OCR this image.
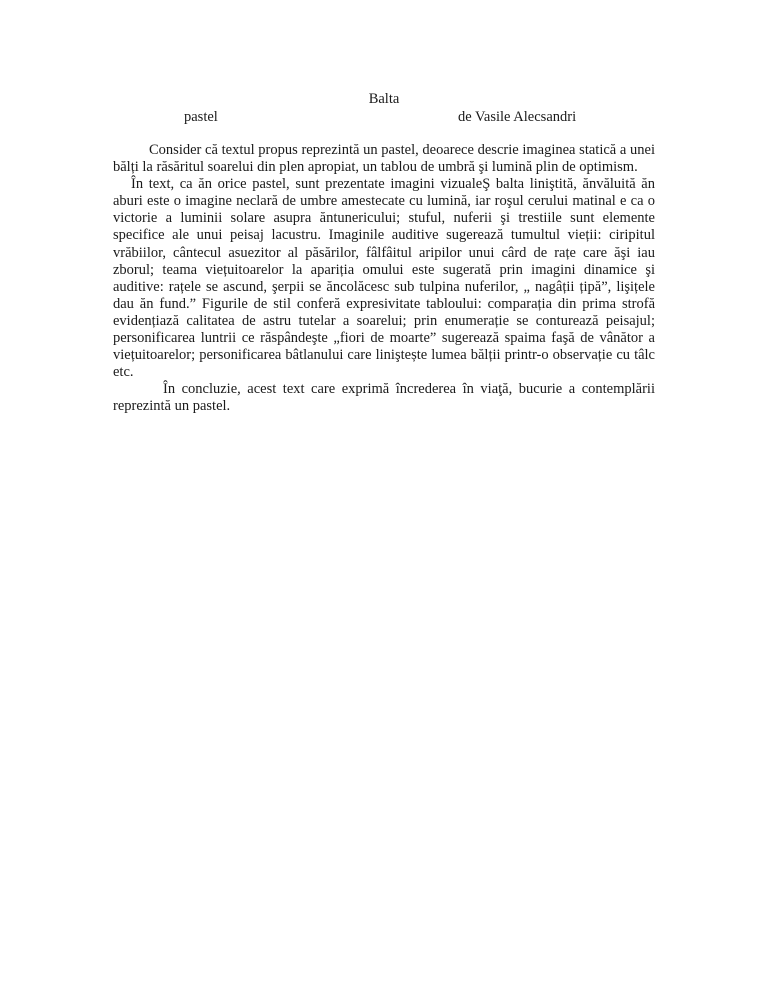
Balta
pastel	de Vasile Alecsandri

Consider că textul propus reprezintă un pastel, deoarece descrie imaginea statică a unei bălți la răsăritul soarelui din plen apropiat, un tablou de umbră şi lumină plin de optimism.

În text, ca ăn orice pastel, sunt prezentate imagini vizualeŞ balta liniştită, ănvăluită ăn aburi este o imagine neclară de umbre amestecate cu lumină, iar roşul cerului matinal e ca o victorie a luminii solare asupra ăntunericului; stuful, nuferii şi trestiile sunt elemente specifice ale unui peisaj lacustru. Imaginile auditive sugerează tumultul vieții: ciripitul vrăbiilor, cântecul asuezitor al păsărilor, fâlfâitul aripilor unui cârd de rațe care ăşi iau zborul; teama viețuitoarelor la apariția omului este sugerată prin imagini dinamice şi auditive: rațele se ascund, şerpii se ăncolăcesc sub tulpina nuferilor, „ nagâții țipă”, lişițele dau ăn fund.” Figurile de stil conferă expresivitate tabloului: comparația din prima strofă evidențiază calitatea de astru tutelar a soarelui; prin enumerație se conturează peisajul; personificarea luntrii ce răspândeşte „fiori de moarte” sugerează spaima faşă de vânător a viețuitoarelor; personificarea bâtlanului care liniştește lumea bălții printr-o observație cu tâlc etc.

În concluzie, acest text care exprimă încrederea în viaţă, bucurie a contemplării reprezintă un pastel.
